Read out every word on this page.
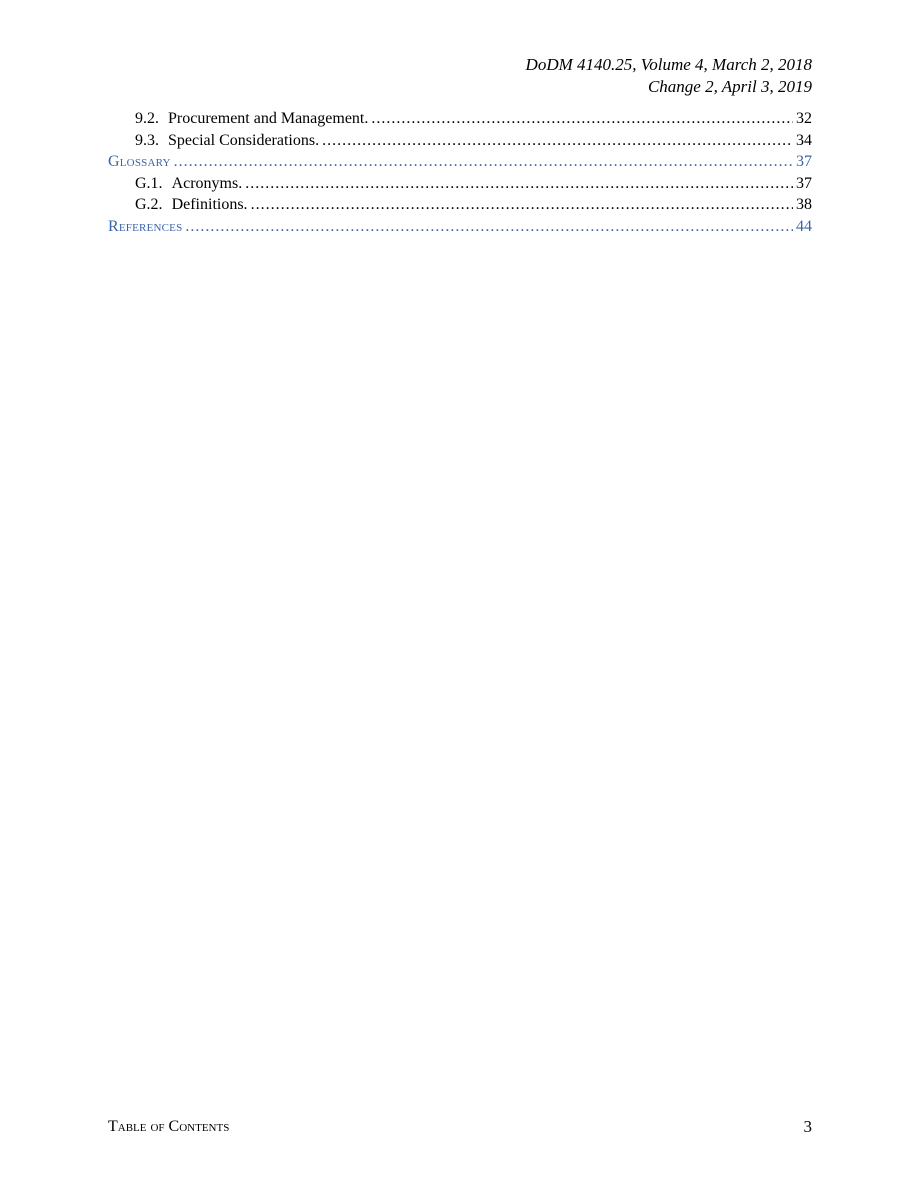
DoDM 4140.25, Volume 4, March 2, 2018
Change 2, April 3, 2019
9.2. Procurement and Management. .....	32
9.3. Special Considerations. .....	34
Glossary .....	37
G.1. Acronyms. .....	37
G.2. Definitions. .....	38
References .....	44
Table of Contents	3
